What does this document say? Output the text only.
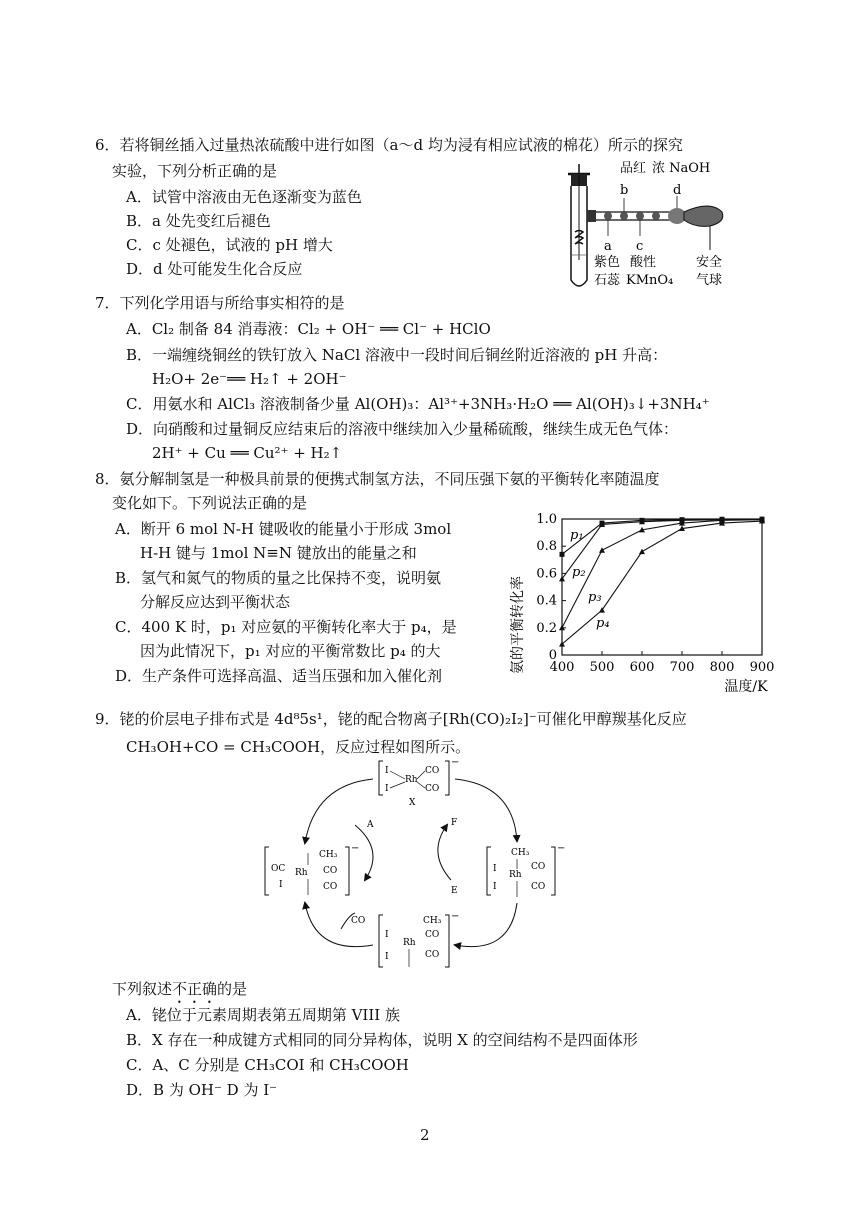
6．若将铜丝插入过量热浓硫酸中进行如图（a～d 均为浸有相应试液的棉花）所示的探究
实验，下列分析正确的是
A．试管中溶液由无色逐渐变为蓝色
B．a 处先变红后褪色
C．c 处褪色，试液的 pH 增大
D．d 处可能发生化合反应
品红 浓 NaOH
b	d
a c
紫色
石蕊
酸性
KMnO₄
安全
气球
7．下列化学用语与所给事实相符的是
A．Cl₂ 制备 84 消毒液：Cl₂ + OH⁻ ══ Cl⁻ + HClO
B．一端缠绕铜丝的铁钉放入 NaCl 溶液中一段时间后铜丝附近溶液的 pH 升高：
H₂O+ 2e⁻══ H₂↑ + 2OH⁻
C．用氨水和 AlCl₃ 溶液制备少量 Al(OH)₃：Al³⁺+3NH₃·H₂O ══ Al(OH)₃↓+3NH₄⁺
D．向硝酸和过量铜反应结束后的溶液中继续加入少量稀硫酸，继续生成无色气体：
2H⁺ + Cu ══ Cu²⁺ + H₂↑
8．氨分解制氢是一种极具前景的便携式制氢方法，不同压强下氨的平衡转化率随温度
变化如下。下列说法正确的是
A．断开 6 mol N-H 键吸收的能量小于形成 3mol
H-H 键与 1mol N≡N 键放出的能量之和
B．氢气和氮气的物质的量之比保持不变，说明氨
分解反应达到平衡状态
C．400 K 时，p₁ 对应氨的平衡转化率大于 p₄，是
因为此情况下，p₁ 对应的平衡常数比 p₄ 的大
D．生产条件可选择高温、适当压强和加入催化剂
氨的平衡转化率 400 500 600 700 800 900
0
0.2
0.4
0.6
0.8
1.0
p₁
p₂
p₃
p₄
温度/K
9．铑的价层电子排布式是 4d⁸5s¹，铑的配合物离子[Rh(CO)₂I₂]⁻可催化甲醇羰基化反应
CH₃OH+CO = CH₃COOH，反应过程如图所示。
I
I
Rh
CO
CO
−
X
OC
I
Rh
CH₃
CO
CO
−	CH₃
I
I
Rh
CO
CO
−
CH₃
I
I
Rh
CO
CO
−
A	F
E
CO
下列叙述不正确的是
A．铑位于元素周期表第五周期第 VIII 族
B．X 存在一种成键方式相同的同分异构体，说明 X 的空间结构不是四面体形
C．A、C 分别是 CH₃COI 和 CH₃COOH
D．B 为 OH⁻ D 为 I⁻
2
